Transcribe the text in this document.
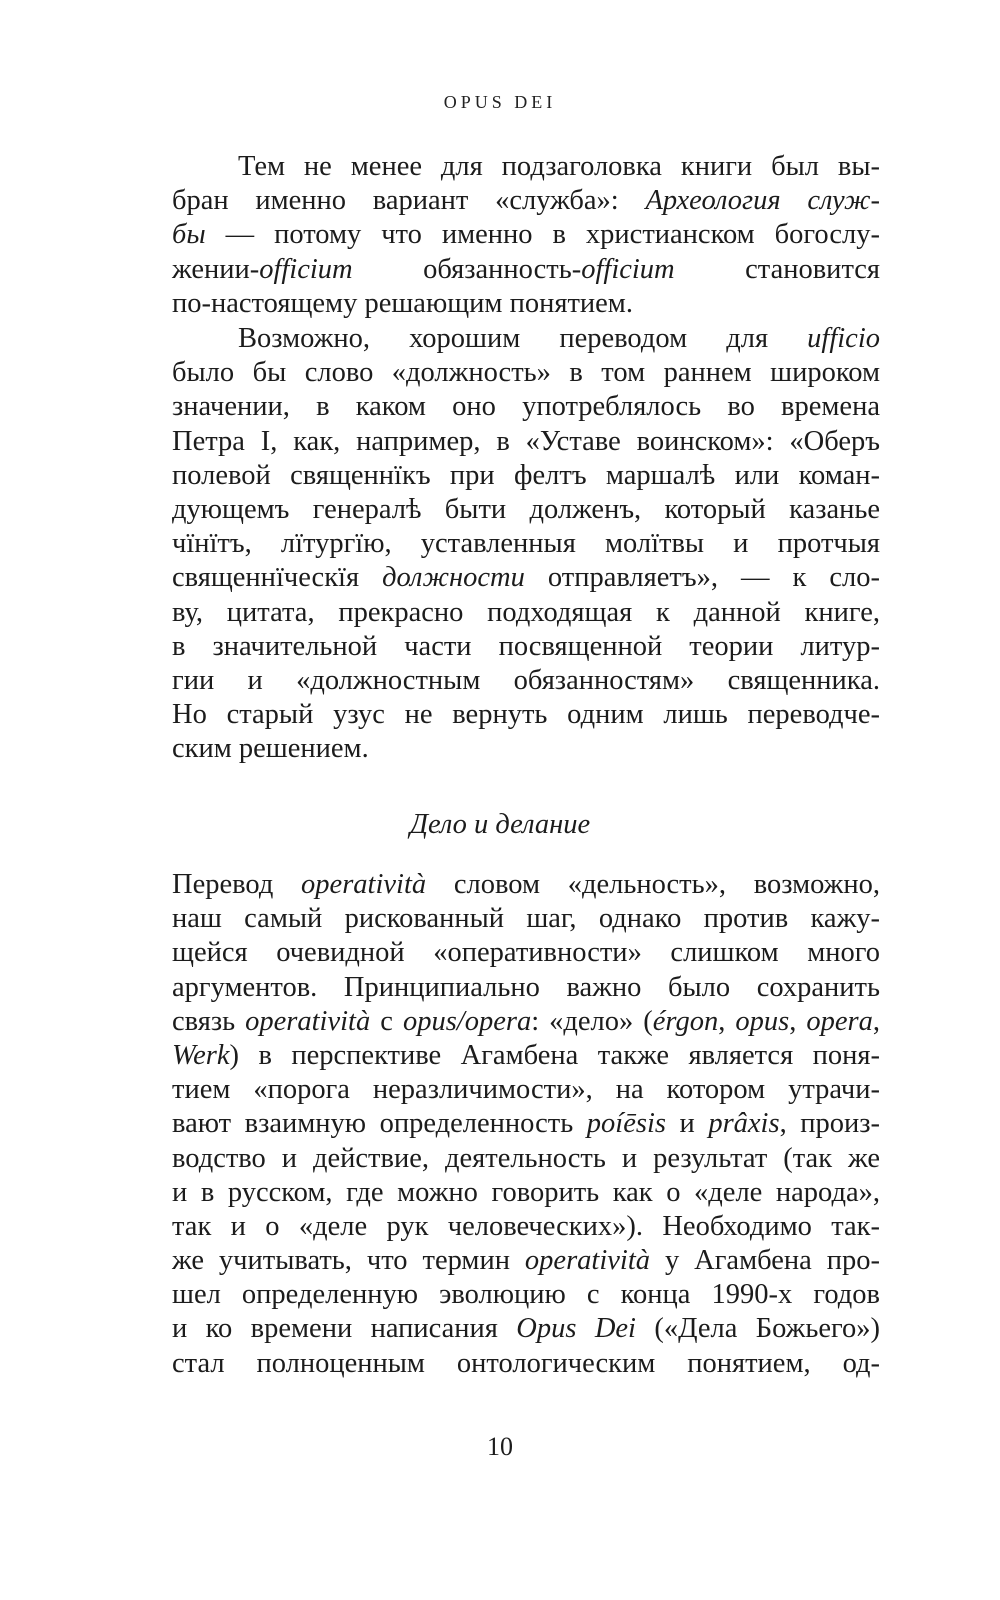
OPUS DEI
Тем не менее для подзаголовка книги был вы-
бран именно вариант «служба»: Археология служ-
бы — потому что именно в христианском богослу-
жении-officium обязанность-officium становится
по-настоящему решающим понятием.
Возможно, хорошим переводом для ufficio
было бы слово «должность» в том раннем широком
значении, в каком оно употреблялось во времена
Петра I, как, например, в «Уставе воинском»: «Оберъ
полевой священнїкъ при фелтъ маршалѣ или коман-
дующемъ генералѣ быти долженъ, который казанье
чїнїтъ, лїтургїю, уставленныя молїтвы и протчыя
священнїческїя должности отправляетъ», — к сло-
ву, цитата, прекрасно подходящая к данной книге,
в значительной части посвященной теории литур-
гии и «должностным обязанностям» священника.
Но старый узус не вернуть одним лишь переводче-
ским решением.
Дело и делание
Перевод operatività словом «дельность», возможно,
наш самый рискованный шаг, однако против кажу-
щейся очевидной «оперативности» слишком много
аргументов. Принципиально важно было сохранить
связь operatività с opus/opera: «дело» (érgon, opus, opera,
Werk) в перспективе Агамбена также является поня-
тием «порога неразличимости», на котором утрачи-
вают взаимную определенность poíēsis и prâxis, произ-
водство и действие, деятельность и результат (так же
и в русском, где можно говорить как о «деле народа»,
так и о «деле рук человеческих»). Необходимо так-
же учитывать, что термин operatività у Агамбена про-
шел определенную эволюцию с конца 1990-х годов
и ко времени написания Opus Dei («Дела Божьего»)
стал полноценным онтологическим понятием, од-
10
